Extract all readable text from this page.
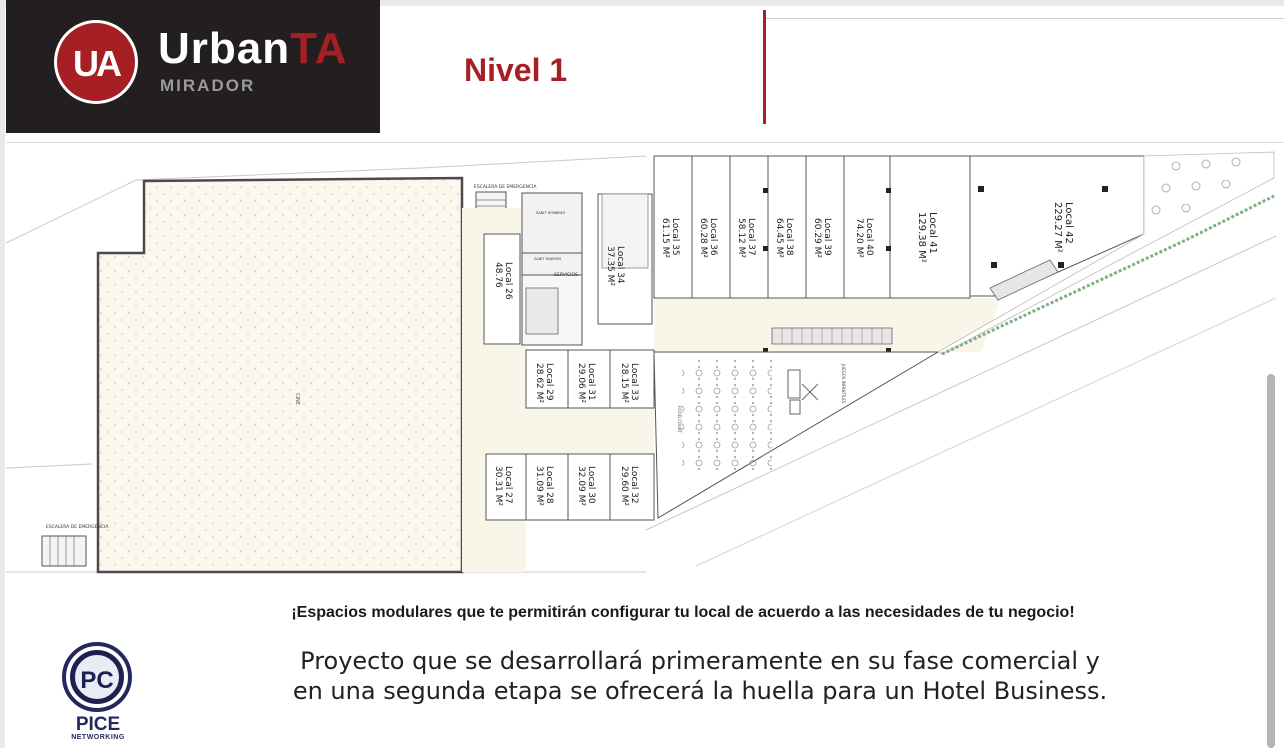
UA UrbanTA
MIRADOR	Nivel 1
CINE
ESCALERA DE EMERGENCIA
ESCALERA DE EMERGENCIA
SANIT HOMBRES
SANIT MUJERES
SERVICIOS
FOOD COURT
JUEGOS INFANTILES
Local 2648.76	Local 3437.35 M²
Local 3561.15 M²	Local 3660.28 M²	Local 3758.12 M²	Local 3864.45 M²	Local 3960.29 M²	Local 4074.20 M²	Local 41129.38 M²	Local 42229.27 M²
Local 2928.62 M²	Local 3129.06 M²	Local 3328.15 M²
Local 2730.31 M²	Local 2831.09 M²	Local 3032.09 M²	Local 3229.60 M²
¡Espacios modulares que te permitirán configurar tu local de acuerdo a las necesidades de tu negocio!
Proyecto que se desarrollará primeramente en su fase comercial y
en una segunda etapa se ofrecerá la huella para un Hotel Business.
PC
PICE
NETWORKING
